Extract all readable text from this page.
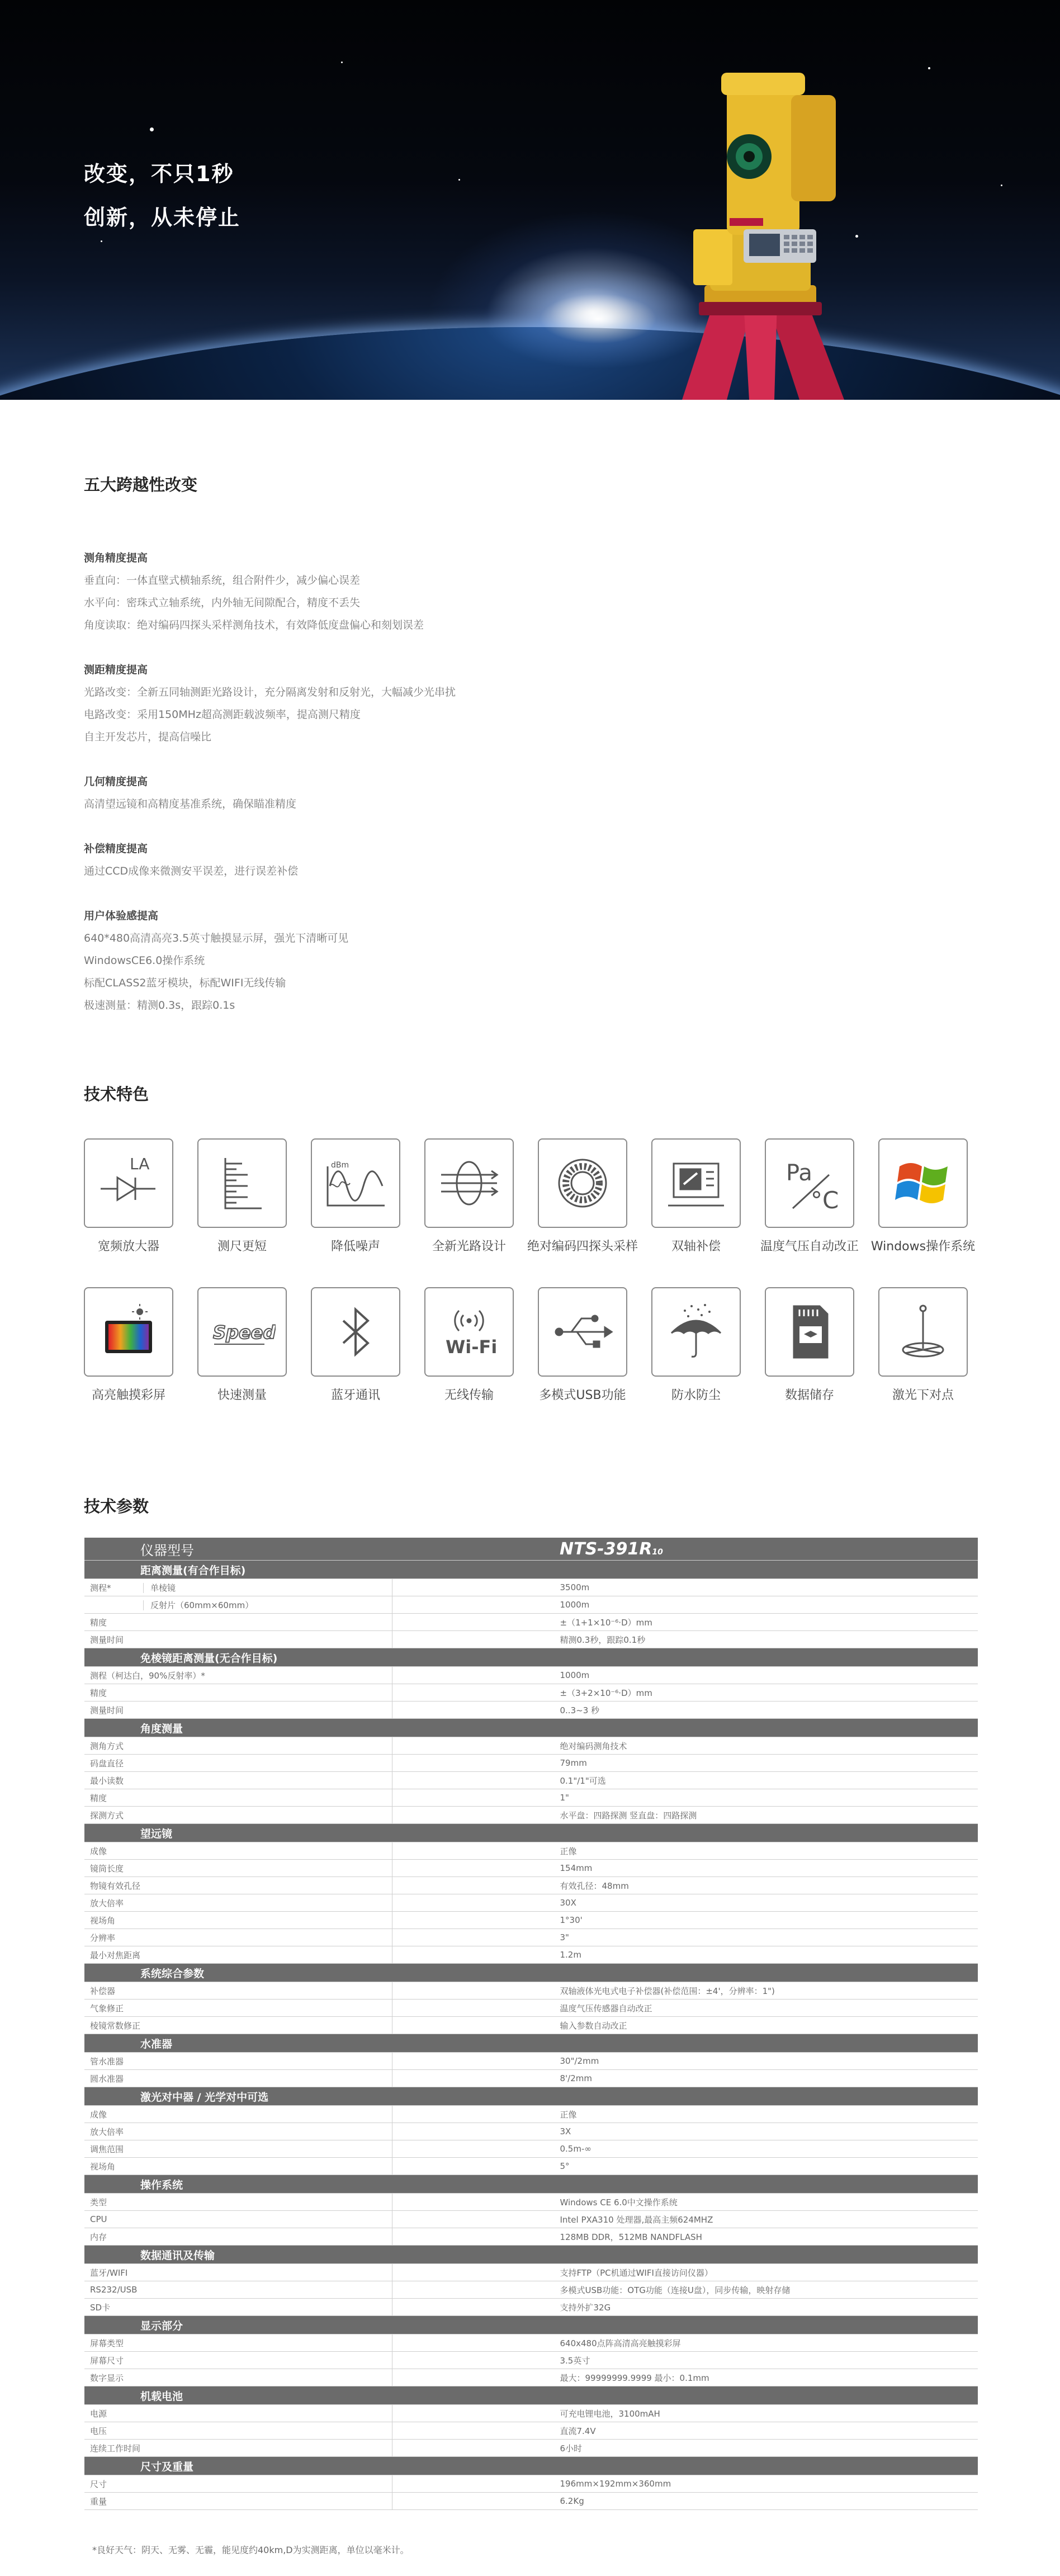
改变，不只1秒
创新，从未停止
五大跨越性改变
测角精度提高
垂直向：一体直壁式横轴系统，组合附件少，减少偏心误差
水平向：密珠式立轴系统，内外轴无间隙配合，精度不丢失
角度读取：绝对编码四探头采样测角技术，有效降低度盘偏心和刻划误差
测距精度提高
光路改变：全新五同轴测距光路设计，充分隔离发射和反射光，大幅减少光串扰
电路改变：采用150MHz超高测距载波频率，提高测尺精度
自主开发芯片，提高信噪比
几何精度提高
高清望远镜和高精度基准系统，确保瞄准精度
补偿精度提高
通过CCD成像来微测安平误差，进行误差补偿
用户体验感提高
640*480高清高亮3.5英寸触摸显示屏，强光下清晰可见
WindowsCE6.0操作系统
标配CLASS2蓝牙模块，标配WIFI无线传输
极速测量：精测0.3s，跟踪0.1s
技术特色
LA	dBm	Pa
°C
宽频放大器	测尺更短	降低噪声	全新光路设计	绝对编码四探头采样	双轴补偿	温度气压自动改正 Windows操作系统
Speed
Wi-Fi
高亮触摸彩屏	快速测量	蓝牙通讯	无线传输	多模式USB功能	防水防尘	数据储存	激光下对点
技术参数
仪器型号	NTS-391R10
距离测量(有合作目标)	
测程* 单棱镜	3500m
反射片（60mm×60mm）	1000m
精度	±（1+1×10⁻⁶·D）mm
测量时间	精测0.3秒，跟踪0.1秒
免棱镜距离测量(无合作目标)	
测程（柯达白，90%反射率）*	1000m
精度	±（3+2×10⁻⁶·D）mm
测量时间	0..3~3 秒
角度测量	
测角方式	绝对编码测角技术
码盘直径	79mm
最小读数	0.1"/1"可选
精度	1"
探测方式	水平盘：四路探测 竖直盘：四路探测
望远镜	
成像	正像
镜筒长度	154mm
物镜有效孔径	有效孔径：48mm
放大倍率	30X
视场角	1°30'
分辨率	3"
最小对焦距离	1.2m
系统综合参数	
补偿器	双轴液体光电式电子补偿器(补偿范围：±4'，分辨率：1")
气象修正	温度气压传感器自动改正
棱镜常数修正	输入参数自动改正
水准器	
管水准器	30"/2mm
圆水准器	8'/2mm
激光对中器 / 光学对中可选	
成像	正像
放大倍率	3X
调焦范围	0.5m-∞
视场角	5°
操作系统	
类型	Windows CE 6.0中文操作系统
CPU	Intel PXA310 处理器,最高主频624MHZ
内存	128MB DDR，512MB NANDFLASH
数据通讯及传输	
蓝牙/WIFI	支持FTP（PC机通过WIFI直接访问仪器）
RS232/USB	多模式USB功能：OTG功能（连接U盘），同步传输，映射存储
SD卡	支持外扩32G
显示部分	
屏幕类型	640x480点阵高清高亮触摸彩屏
屏幕尺寸	3.5英寸
数字显示	最大：99999999.9999 最小：0.1mm
机载电池	
电源	可充电锂电池，3100mAH
电压	直流7.4V
连续工作时间	6小时
尺寸及重量	
尺寸	196mm×192mm×360mm
重量	6.2Kg
*良好天气：阴天、无雾、无霾，能见度约40km,D为实测距离，单位以毫米计。
